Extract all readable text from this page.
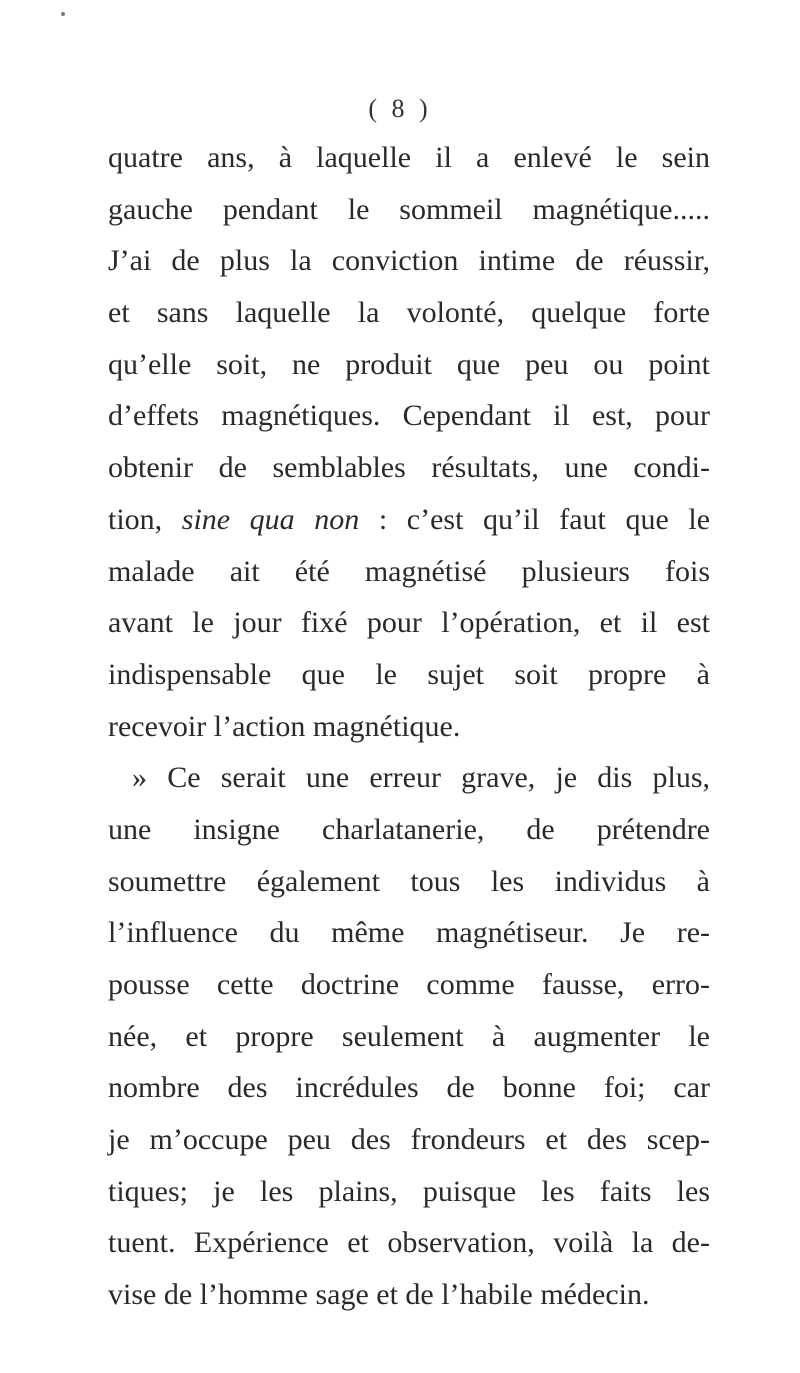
( 8 )
quatre ans, à laquelle il a enlevé le sein
gauche pendant le sommeil magnétique.....
J’ai de plus la conviction intime de réussir,
et sans laquelle la volonté, quelque forte
qu’elle soit, ne produit que peu ou point
d’effets magnétiques. Cependant il est, pour
obtenir de semblables résultats, une condi-
tion, sine qua non : c’est qu’il faut que le
malade ait été magnétisé plusieurs fois
avant le jour fixé pour l’opération, et il est
indispensable que le sujet soit propre à
recevoir l’action magnétique.
» Ce serait une erreur grave, je dis plus,
une insigne charlatanerie, de prétendre
soumettre également tous les individus à
l’influence du même magnétiseur. Je re-
pousse cette doctrine comme fausse, erro-
née, et propre seulement à augmenter le
nombre des incrédules de bonne foi; car
je m’occupe peu des frondeurs et des scep-
tiques; je les plains, puisque les faits les
tuent. Expérience et observation, voilà la de-
vise de l’homme sage et de l’habile médecin.
